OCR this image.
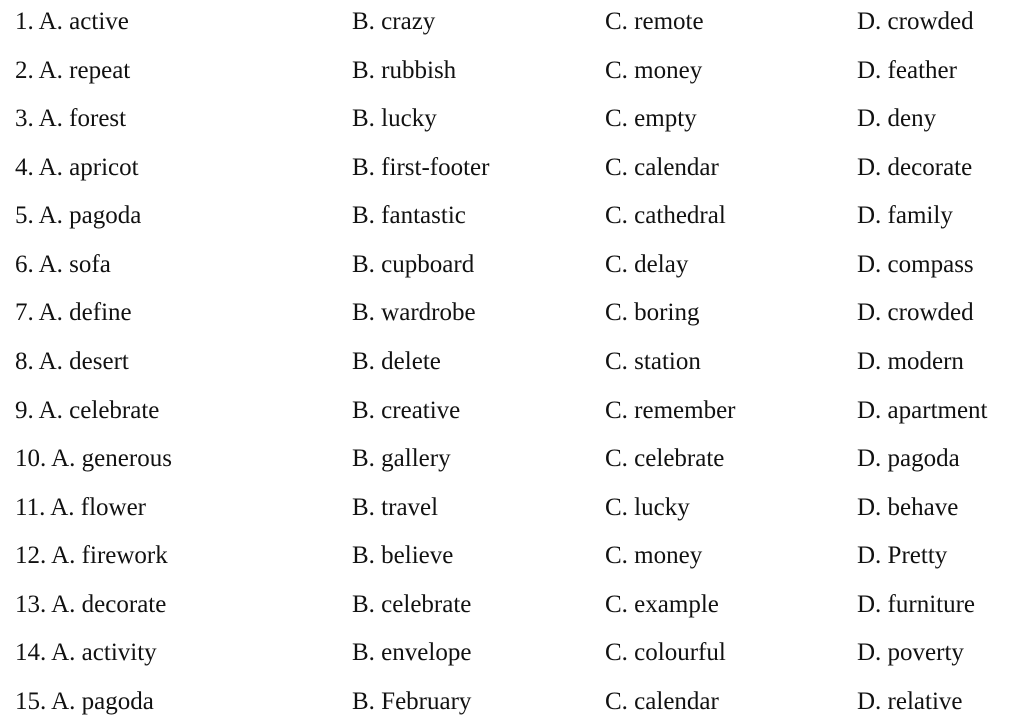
1. A. active	B. crazy	C. remote	D. crowded
2. A. repeat	B. rubbish	C. money	D. feather
3. A. forest	B. lucky	C. empty	D. deny
4. A. apricot	B. first-footer	C. calendar	D. decorate
5. A. pagoda	B. fantastic	C. cathedral	D. family
6. A. sofa	B. cupboard	C. delay	D. compass
7. A. define	B. wardrobe	C. boring	D. crowded
8. A. desert	B. delete	C. station	D. modern
9. A. celebrate	B. creative	C. remember	D. apartment
10. A. generous	B. gallery	C. celebrate	D. pagoda
11. A. flower	B. travel	C. lucky	D. behave
12. A. firework	B. believe	C. money	D. Pretty
13. A. decorate	B. celebrate	C. example	D. furniture
14. A. activity	B. envelope	C. colourful	D. poverty
15. A. pagoda	B. February	C. calendar	D. relative
